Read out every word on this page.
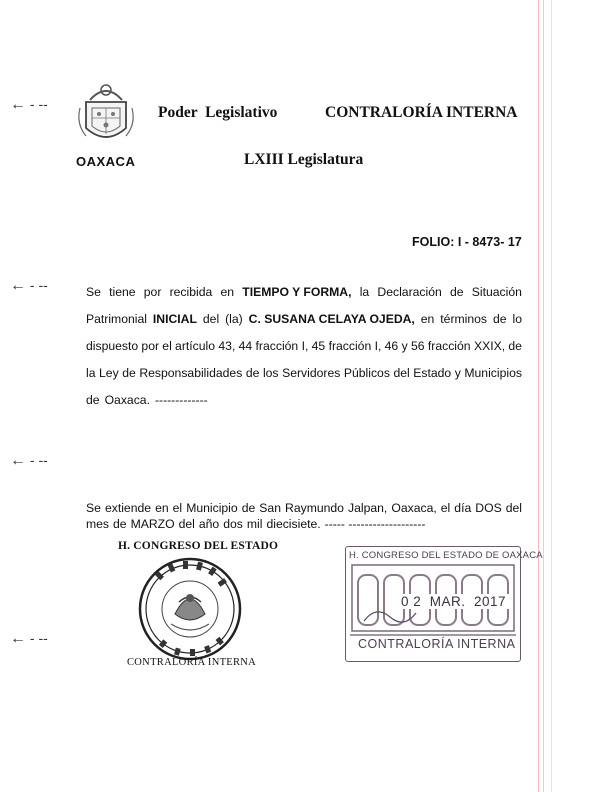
← - --
← - --
← - --
← - --
OAXACA
Poder  Legislativo	CONTRALORÍA INTERNA
LXIII Legislatura
FOLIO: I - 8473- 17
Se tiene por recibida en TIEMPO Y FORMA, la Declaración de Situación
Patrimonial INICIAL del (la) C. SUSANA CELAYA OJEDA, en términos de lo
dispuesto por el artículo 43, 44 fracción I, 45 fracción I, 46 y 56 fracción XXIX, de
la Ley de Responsabilidades de los Servidores Públicos del Estado y Municipios
de Oaxaca. -------------
Se extiende en el Municipio de San Raymundo Jalpan, Oaxaca, el día DOS del
mes de MARZO del año dos mil diecisiete. ----- -------------------
H. CONGRESO DEL ESTADO
CONTRALORÍA INTERNA
H. CONGRESO DEL ESTADO DE OAXACA
0 2  MAR.  2017
CONTRALORÍA INTERNA
